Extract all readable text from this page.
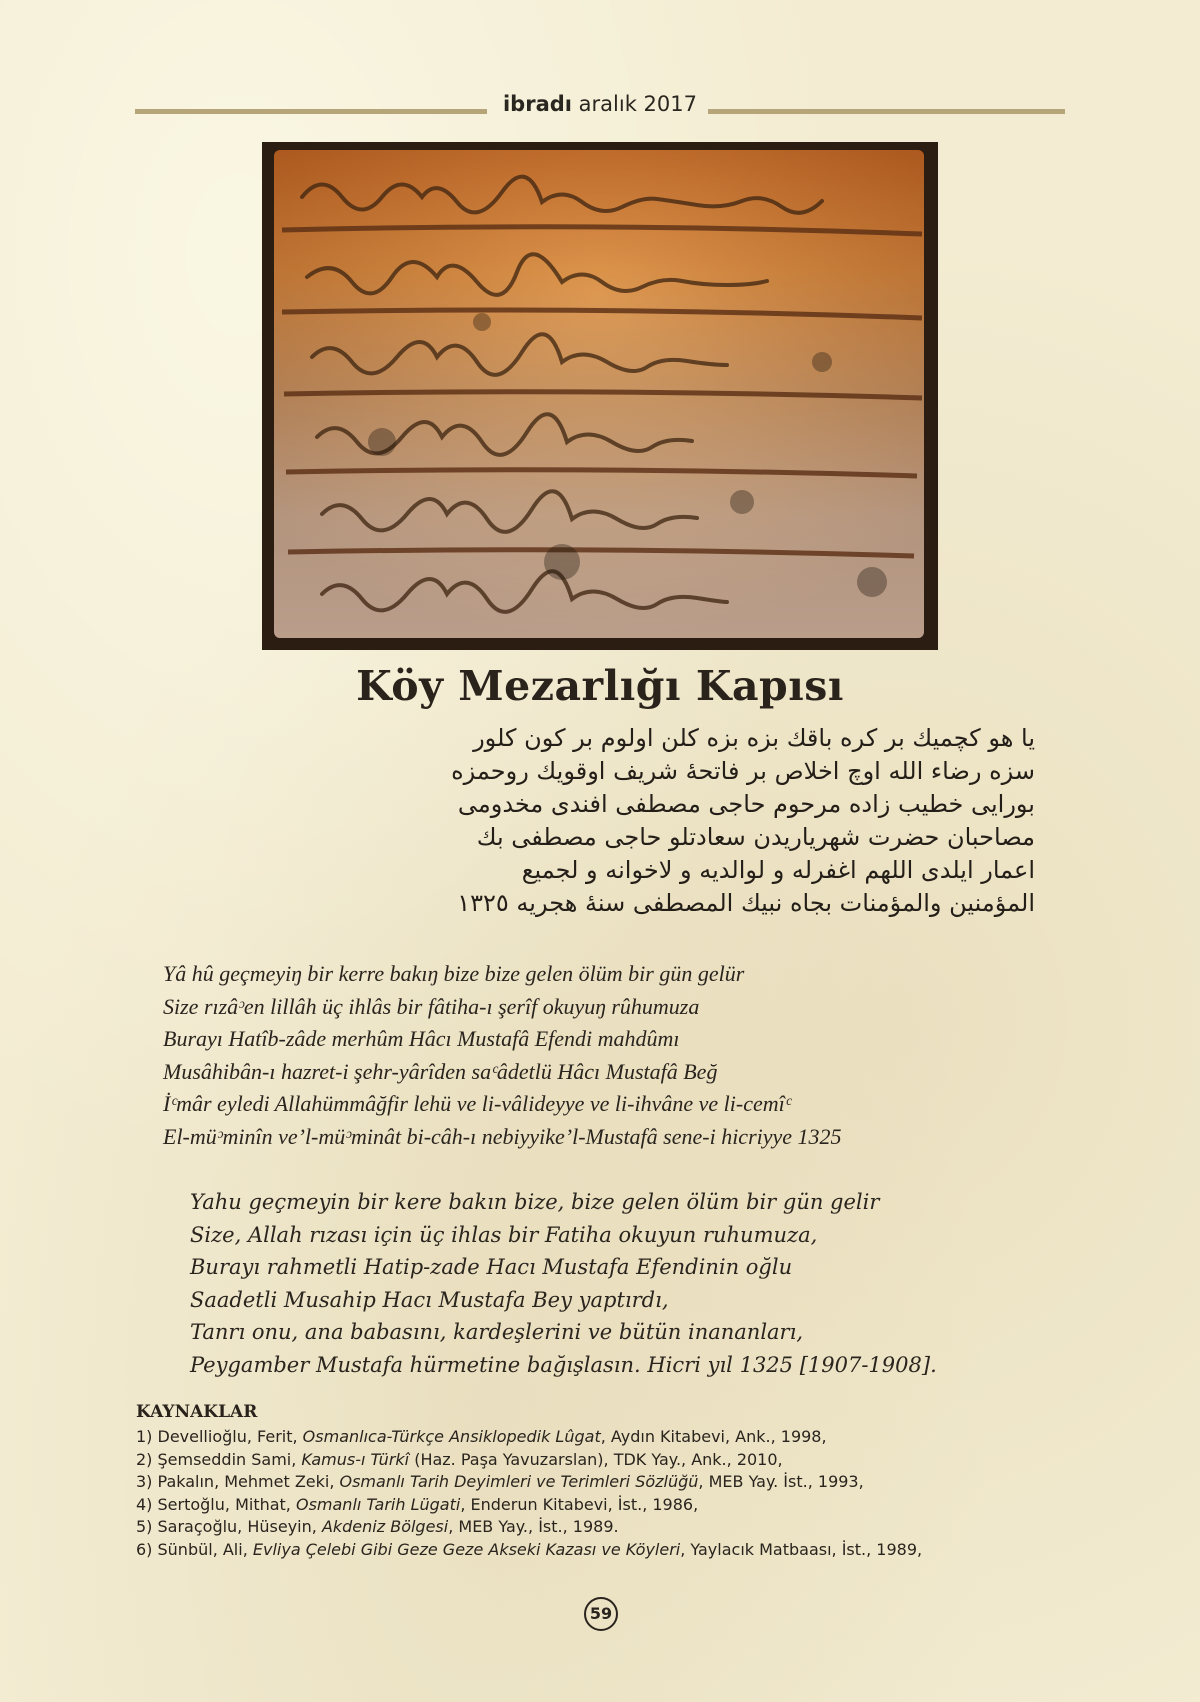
ibradı aralık 2017
Köy Mezarlığı Kapısı
يا هو كچميك بر كره باقك بزه بزه كلن اولوم بر كون كلور
سزه رضاء الله اوچ اخلاص بر فاتحهٔ شريف اوقويك روحمزه
بورايى خطيب زاده مرحوم حاجى مصطفى افندى مخدومى
مصاحبان حضرت شهرياريدن سعادتلو حاجى مصطفى بك
اعمار ايلدى اللهم اغفرله و لوالديه و لاخوانه و لجميع
المؤمنين والمؤمنات بجاه نبيك المصطفى سنهٔ هجريه ١٣٢٥
Yâ hû geçmeyiŋ bir kerre bakıŋ bize bize gelen ölüm bir gün gelür
Size rızâᵓen lillâh üç ihlâs bir fâtiha-ı şerîf okuyuŋ rûhumuza
Burayı Hatîb-zâde merhûm Hâcı Mustafâ Efendi mahdûmı
Musâhibân-ı hazret-i şehr-yârîden saᶜâdetlü Hâcı Mustafâ Beğ
İᶜmâr eyledi Allahümmâğfir lehü ve li-vâlideyye ve li-ihvâne ve li-cemîᶜ
El-müᵓminîn ve’l-müᵓminât bi-câh-ı nebiyyike’l-Mustafâ sene-i hicriyye 1325
Yahu geçmeyin bir kere bakın bize, bize gelen ölüm bir gün gelir
Size, Allah rızası için üç ihlas bir Fatiha okuyun ruhumuza,
Burayı rahmetli Hatip-zade Hacı Mustafa Efendinin oğlu
Saadetli Musahip Hacı Mustafa Bey yaptırdı,
Tanrı onu, ana babasını, kardeşlerini ve bütün inananları,
Peygamber Mustafa hürmetine bağışlasın. Hicri yıl 1325 [1907-1908].
KAYNAKLAR
1) Devellioğlu, Ferit, Osmanlıca-Türkçe Ansiklopedik Lûgat, Aydın Kitabevi, Ank., 1998,
2) Şemseddin Sami, Kamus-ı Türkî (Haz. Paşa Yavuzarslan), TDK Yay., Ank., 2010,
3) Pakalın, Mehmet Zeki, Osmanlı Tarih Deyimleri ve Terimleri Sözlüğü, MEB Yay. İst., 1993,
4) Sertoğlu, Mithat, Osmanlı Tarih Lügati, Enderun Kitabevi, İst., 1986,
5) Saraçoğlu, Hüseyin, Akdeniz Bölgesi, MEB Yay., İst., 1989.
6) Sünbül, Ali, Evliya Çelebi Gibi Geze Geze Akseki Kazası ve Köyleri, Yaylacık Matbaası, İst., 1989,
59
